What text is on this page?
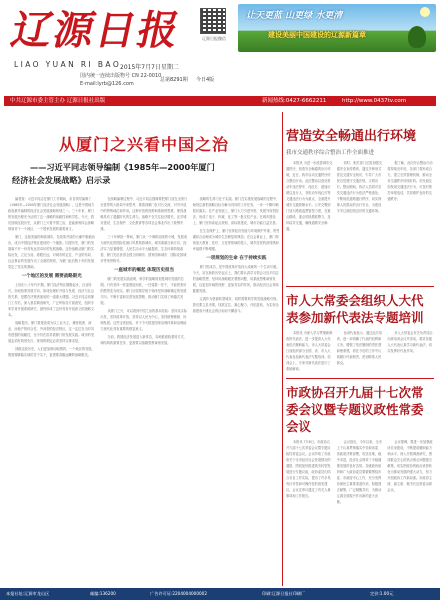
辽源日报
LIAO YUAN RI BAO
国内统一连续出版物号 CN 22-0010
E-mail:lyrb@126.com
2015年7月7日星期二
总第8291期 今日4版
辽源日报微信
让天更蓝 山更绿 水更清
建设美丽中国建设的辽源新篇章
中共辽源市委主管主办 辽源日报社出版	新闻热线:0427-6662211	http://www.0437tv.com
从厦门之兴看中国之治
——习近平同志领导编制《1985年—2000年厦门
经济社会发展战略》启示录
编者按：习近平同志在厦门工作期间，亲自领导编制了《1985年—2000年厦门经济社会发展战略》，这是中国地方政府最早编制的经济社会发展战略规划之一。三十年来，厦门的发展历程充分证明了这一战略的前瞻性和科学性。今天，我们回顾这段历史，从厦门之兴看中国之治，更能深刻体会战略规划对于一个地区、一个国家发展的重要意义。
厦门，这座美丽的海滨城市，在改革开放的大潮中脱颖而出，成为中国经济特区建设的一个缩影。回望历史，厦门的发展离不开一份具有远见卓识的发展战略。这份战略从厦门的实际出发，立足当前，着眼长远，对城市的定位、产业的布局、社会事业的发展作出了全面的规划，为厦门此后数十年的发展奠定了坚实的基础。
一个地区的发展 需要战略眼光
上世纪八十年代中期，厦门经济特区刚刚起步，百业待兴。如何找准发展方向，如何处理好开放与发展、经济与社会的关系，是摆在决策者面前的一道重大课题。习近平同志到厦门工作后，深入基层调查研究，广泛听取各方面意见，组织专家学者开展系统研究，最终形成了这份具有开创意义的战略文本。
战略提出，厦门要建设成为以工业为主，兼营旅游、商业、房地产的综合性、外向型的经济特区，这一定位在当时具有很强的前瞻性，至今仍在指导着厦门的发展实践。城市的发展必须有规划先行，规划的制定必须坚持实事求是。
回顾这段历史，人们更加深切地感到，一个地区的发展，既需要脚踏实地的苦干实干，更需要高瞻远瞩的战略眼光。
在战略编制过程中，习近平同志强调要把厦门放在全国乃至世界的大格局中来思考，要看到厦门在对台交流、对外开放中的特殊地位和作用。这种开放的视野和系统的思维，使得战略具有了超越时代的生命力。战略不仅关注经济增长，还对城市建设、生态保护、文化教育等各项社会事业作出了统筹安排。
三十年弹指一挥间，厦门从一个海防前线的小城，发展成为现代化的国际性港口风景旅游城市。城市面貌日新月异，经济实力显著增强，人民生活水平大幅提高，生态环境持续改善，厦门先后获得全国文明城市、国家园林城市、国际花园城市等荣誉称号。
一座城市的崛起 体现历史担当
厦门的发展实践表明，科学的战略规划是城市发展的总纲。只有坚持一张蓝图绘到底，一任接着一任干，才能把美好的愿景变为现实。厦门历届领导班子始终坚持战略确定的发展方向，不断丰富和完善发展思路，推动厦门实现了跨越式发展。
从厦门之兴，可以看到中国之治的基本经验：坚持从实际出发，坚持改革开放，坚持以人民为中心，坚持统筹兼顾、协调发展。这些宝贵经验，对于今天推进国家治理体系和治理能力现代化具有重要的借鉴意义。
当前，我国经济发展进入新常态，各地都面临着转方式、调结构的重要任务，更需要以战略思维谋划发展。
战略的生命力在于实践。厦门在实施发展战略的过程中，始终注重把战略目标分解为具体的工作任务，一步一个脚印地抓好落实。在产业发展上，厦门大力引进外资，发展外向型经济，形成了电子、机械、化工等一批支柱产业；在城市建设上，厦门坚持高起点规划、高标准建设，城市功能日益完善。
在生态保护上，厦门坚持经济发展与环境保护并重，筼筜湖综合治理成为城市生态修复的典范；在社会事业上，厦门持续加大教育、医疗、文化等领域的投入，城乡居民的获得感和幸福感不断增强。
一项规划的生命 在于持续实践
厦门的成功，是中国改革开放伟大成就的一个生动写照。今天，站在新的历史起点上，我们要认真学习领会习近平同志的战略思想，坚持用战略眼光观察问题、用系统思维谋划发展，以更加开阔的视野、更加务实的作风，推动经济社会持续健康发展。
辽源作为资源转型城市，同样需要科学的发展战略引领。我们要立足市情，找准定位，凝心聚力，开拓进取，为实现全面建成小康社会的目标而不懈奋斗。
营造安全畅通出行环境
我市交通秩序综合整治工作全面推进
本报讯 为进一步改善城市交通秩序，营造安全畅通的出行环境，近日，我市启动交通秩序综合整治行动。此次整治以查处机动车违法停车、闯红灯、超速行驶以及行人、非机动车闯红灯等交通违法行为为重点，全面提升城市交通管理水平。公安交警部门加大路面巡逻管控力度，在重点路段、重点时段增派警力，及时疏导交通，确保道路安全畅通。
同时，相关部门还将加强交通安全宣传教育，通过多种形式普及交通安全知识，引导广大市民自觉遵守交通法规，文明出行。整治期间，执法人员将对各类交通违法行为依法严格查处，不断规范道路通行秩序，切实保障人民群众的出行安全，为建设平安辽源创造良好的交通环境。
据了解，此次综合整治行动将持续至年底，各部门将形成合力，建立长效管理机制，推动全市交通秩序持续好转。市民朋友如发现交通违法行为，可及时拨打举报电话，共同维护良好的交通秩序。
市人大常委会组织人大代表参加新代表法专题培训
本报讯 为深入学习贯彻新修改的代表法，进一步提高人大代表依法履职能力，市人大常委会日前组织部分全国、省、市人大代表参加新代表法专题培训。培训会上，专家对新代表法进行了系统解读。
参训代表表示，通过此次培训，进一步明确了代表的权利和义务，增强了依法履职的责任感和使命感，将在今后的工作中认真履行代表职责，密切联系人民群众。
市人大常委会有关负责同志出席培训会议并讲话，要求各级人大代表认真学习新代表法，切实发挥好代表作用。
市政协召开九届十七次常委会议暨专题议政性常委会议
本报讯 7月6日，市政协召开九届十七次常委会议暨专题议政性常委会议。会议听取了市政府关于全市经济社会发展情况的通报，围绕加快推进我市转型发展进行专题议政，政协委员们结合各自工作实际，提出了许多具有针对性和可操作性的意见建议。会议还审议通过了有关人事事项和工作报告。
会议指出，今年以来，全市上下认真贯彻落实中央和省委、省政府决策部署，攻坚克难，稳中求进，经济社会保持了平稳健康发展的良好态势。各级政协组织和广大政协委员要紧紧围绕市委、市政府中心工作，充分发挥协商民主重要渠道作用，积极建言献策，广泛凝聚共识，为推动辽源全面振兴作出新的更大贡献。
会议强调，要进一步加强政协自身建设，不断提高履职能力和水平，深入开展调查研究，围绕群众关心的热点难点问题建言献策，切实把政协的政治优势转化为推动发展的强大动力，努力开创政协工作新局面。市政协主席、副主席、秘书长及常委出席会议。
本报社址:辽源市龙山区	邮编:136200	广告许可证:2204004000002	印刷:辽源日报社印刷厂	定价:1.00元
